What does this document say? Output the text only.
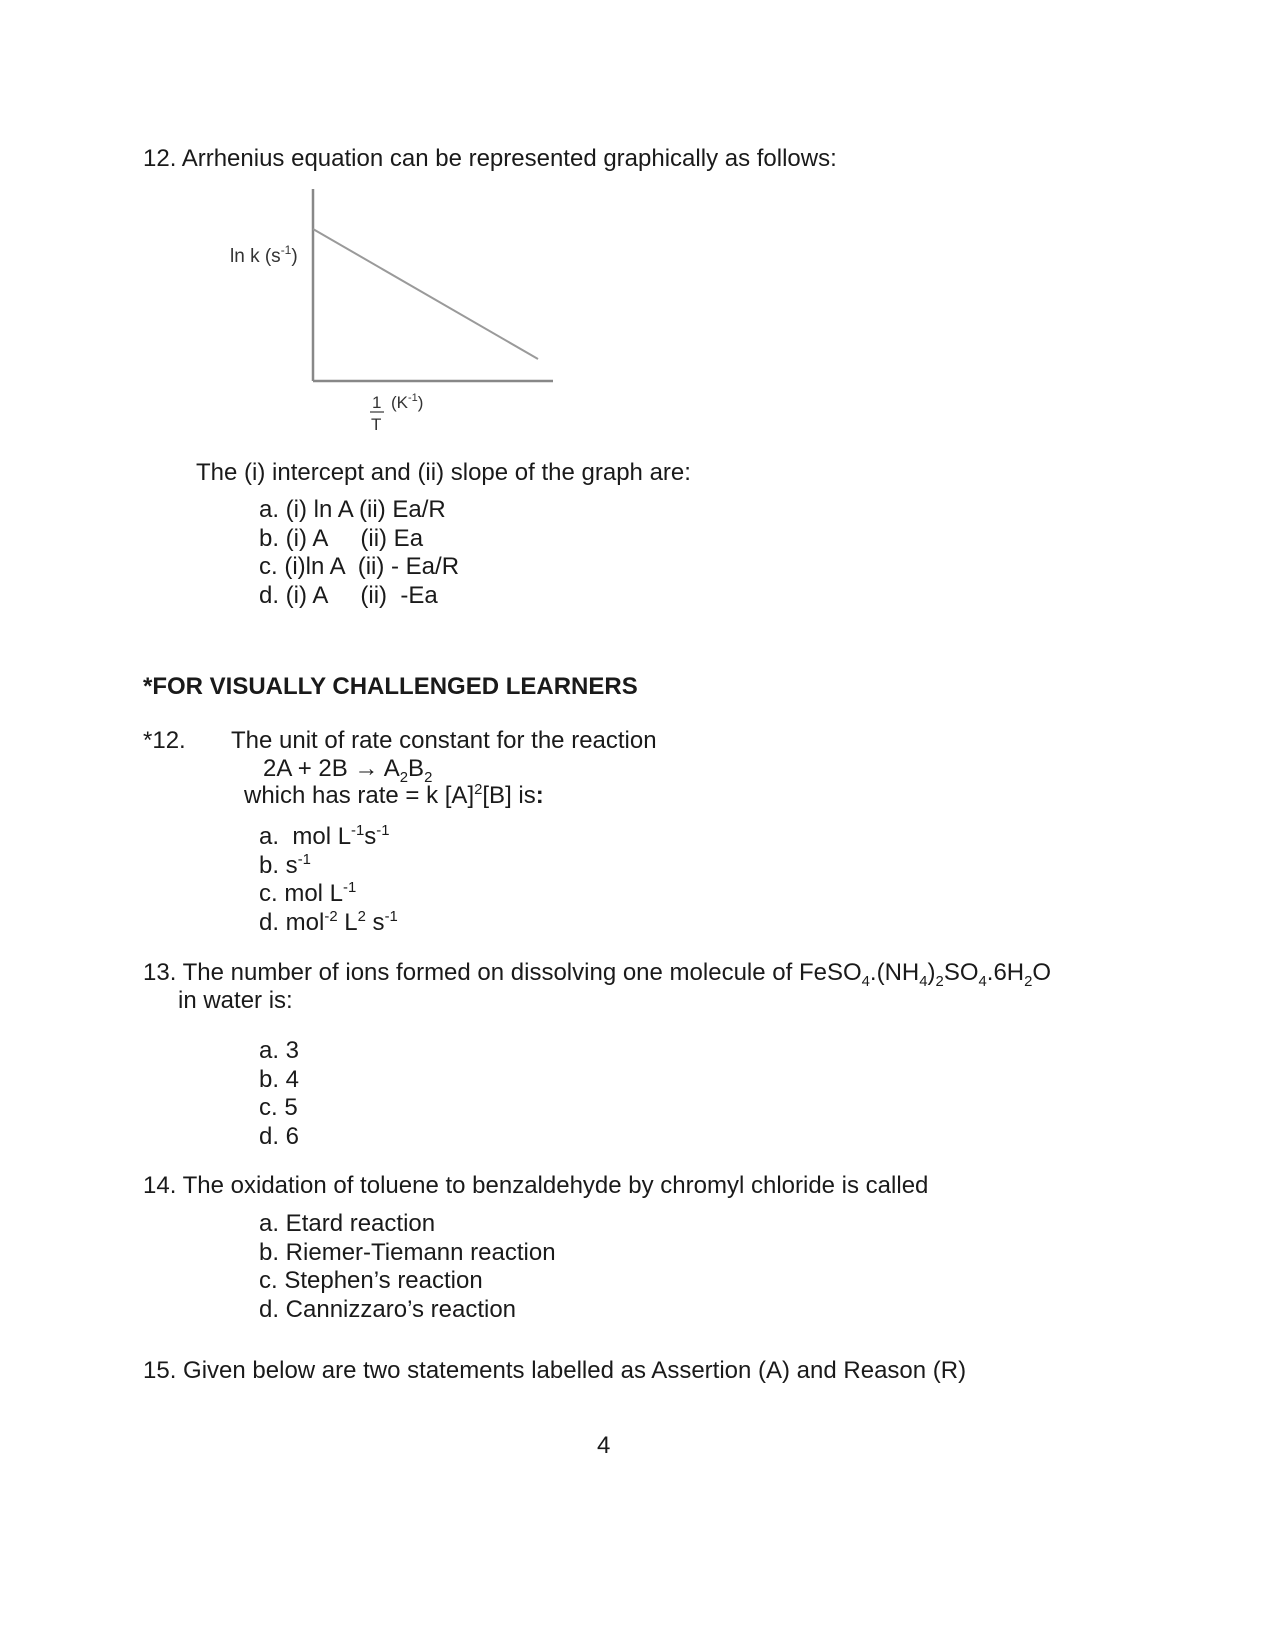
12. Arrhenius equation can be represented graphically as follows:
ln k $(s^{-1})$
1
T
$(K^{-1})$
The (i) intercept and (ii) slope of the graph are:
a. (i) ln A (ii) Ea/R
b. (i) A     (ii) Ea
c. (i)ln A  (ii) - Ea/R
d. (i) A     (ii)  -Ea
*FOR VISUALLY CHALLENGED LEARNERS
*12. The unit of rate constant for the reaction
$2A + 2B \to A_2B_2$
which has rate = k $[A]^2[B]$ is:
a.  mol $L^{-1}s^{-1}$
b. $s^{-1}$
c. mol $L^{-1}$
d. mol$^{-2}$ $L^2$ $s^{-1}$
13. The number of ions formed on dissolving one molecule of $FeSO_4.(NH_4)_2SO_4.6H_2O$
in water is:
a. 3
b. 4
c. 5
d. 6
14. The oxidation of toluene to benzaldehyde by chromyl chloride is called
a. Etard reaction
b. Riemer-Tiemann reaction
c. Stephen’s reaction
d. Cannizzaro’s reaction
15. Given below are two statements labelled as Assertion (A) and Reason (R)
4
